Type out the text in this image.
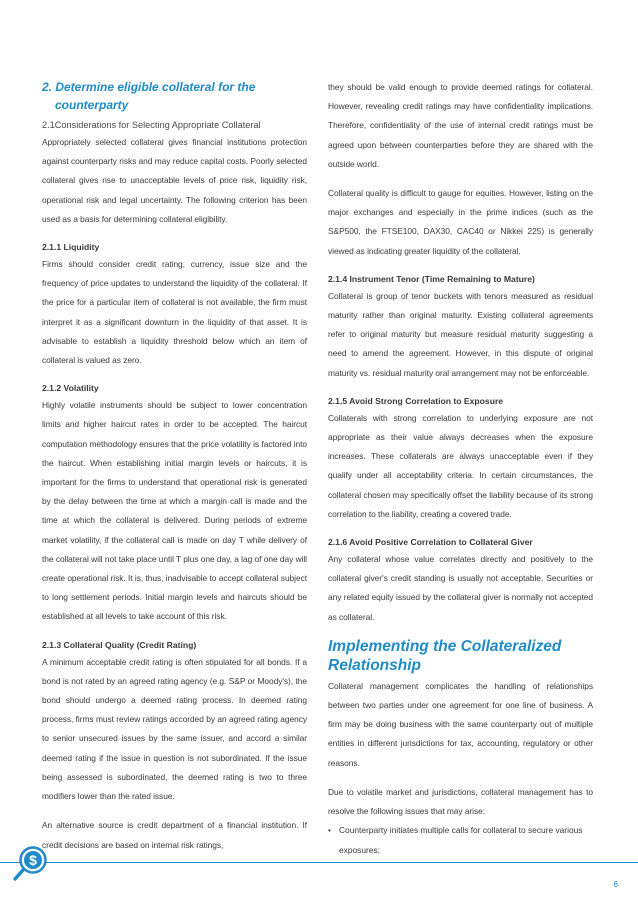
2. Determine eligible collateral for the
counterparty
2.1Considerations for Selecting Appropriate Collateral

Appropriately selected collateral gives financial institutions protection against counterparty risks and may reduce capital costs. Poorly selected collateral gives rise to unacceptable levels of price risk, liquidity risk, operational risk and legal uncertainty. The following criterion has been used as a basis for determining collateral eligibility.

2.1.1 Liquidity

Firms should consider credit rating, currency, issue size and the frequency of price updates to understand the liquidity of the collateral. If the price for a particular item of collateral is not available, the firm must interpret it as a significant downturn in the liquidity of that asset. It is advisable to establish a liquidity threshold below which an item of collateral is valued as zero.

2.1.2 Volatility

Highly volatile instruments should be subject to lower concentration limits and higher haircut rates in order to be accepted. The haircut computation methodology ensures that the price volatility is factored into the haircut. When establishing initial margin levels or haircuts, it is important for the firms to understand that operational risk is generated by the delay between the time at which a margin call is made and the time at which the collateral is delivered. During periods of extreme market volatility, if the collateral call is made on day T while delivery of the collateral will not take place until T plus one day, a lag of one day will create operational risk. It is, thus, inadvisable to accept collateral subject to long settlement periods. Initial margin levels and haircuts should be established at all levels to take account of this risk.

2.1.3 Collateral Quality (Credit Rating)

A minimum acceptable credit rating is often stipulated for all bonds. If a bond is not rated by an agreed rating agency (e.g. S&P or Moody's), the bond should undergo a deemed rating process. In deemed rating process, firms must review ratings accorded by an agreed rating agency to senior unsecured issues by the same issuer, and accord a similar deemed rating if the issue in question is not subordinated. If the issue being assessed is subordinated, the deemed rating is two to three modifiers lower than the rated issue.

An alternative source is credit department of a financial institution. If credit decisions are based on internal risk ratings,

they should be valid enough to provide deemed ratings for collateral. However, revealing credit ratings may have confidentiality implications. Therefore, confidentiality of the use of internal credit ratings must be agreed upon between counterparties before they are shared with the outside world.

Collateral quality is difficult to gauge for equities. However, listing on the major exchanges and especially in the prime indices (such as the S&P500, the FTSE100, DAX30, CAC40 or Nikkei 225) is generally viewed as indicating greater liquidity of the collateral.

2.1.4 Instrument Tenor (Time Remaining to Mature)

Collateral is group of tenor buckets with tenors measured as residual maturity rather than original maturity. Existing collateral agreements refer to original maturity but measure residual maturity suggesting a need to amend the agreement. However, in this dispute of original maturity vs. residual maturity oral arrangement may not be enforceable.

2.1.5 Avoid Strong Correlation to Exposure

Collaterals with strong correlation to underlying exposure are not appropriate as their value always decreases when the exposure increases. These collaterals are always unacceptable even if they qualify under all acceptability criteria. In certain circumstances, the collateral chosen may specifically offset the liability because of its strong correlation to the liability, creating a covered trade.

2.1.6 Avoid Positive Correlation to Collateral Giver

Any collateral whose value correlates directly and positively to the collateral giver's credit standing is usually not acceptable. Securities or any related equity issued by the collateral giver is normally not accepted as collateral.

Implementing the Collateralized Relationship

Collateral management complicates the handling of relationships between two parties under one agreement for one line of business. A firm may be doing business with the same counterparty out of multiple entities in different jurisdictions for tax, accounting, regulatory or other reasons.

Due to volatile market and jurisdictions, collateral management has to resolve the following issues that may arise:

• Counterparty initiates multiple calls for collateral to secure various exposures;
$
6
